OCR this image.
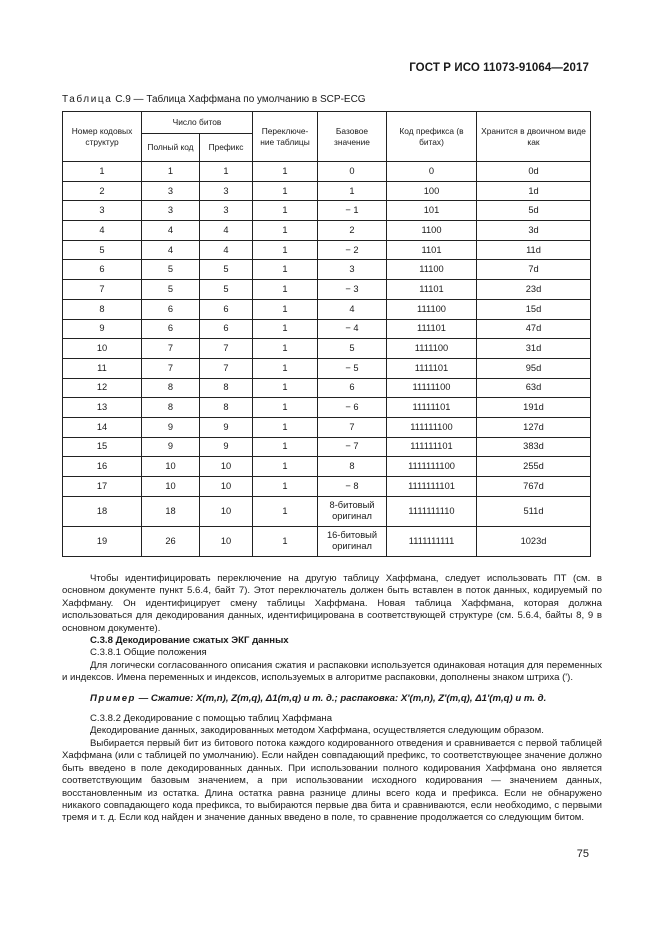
ГОСТ Р ИСО 11073-91064—2017
Таблица С.9 — Таблица Хаффмана по умолчанию в SCP-ECG
Номер кодовых структур	Число битов		Переключе-ние таблицы	Базовое значение	Код префикса (в битах)	Хранится в двоичном виде как
	Полный код	Префикс				
1	1	1	1	0	0	0d
2	3	3	1	1	100	1d
3	3	3	1	− 1	101	5d
4	4	4	1	2	1100	3d
5	4	4	1	− 2	1101	11d
6	5	5	1	3	11100	7d
7	5	5	1	− 3	11101	23d
8	6	6	1	4	111100	15d
9	6	6	1	− 4	111101	47d
10	7	7	1	5	1111100	31d
11	7	7	1	− 5	1111101	95d
12	8	8	1	6	11111100	63d
13	8	8	1	− 6	11111101	191d
14	9	9	1	7	111111100	127d
15	9	9	1	− 7	111111101	383d
16	10	10	1	8	1111111100	255d
17	10	10	1	− 8	1111111101	767d
18	18	10	1	8-битовый оригинал	1111111110	511d
19	26	10	1	16-битовый оригинал	1111111111	1023d

Чтобы идентифицировать переключение на другую таблицу Хаффмана, следует использовать ПТ (см. в основном документе пункт 5.6.4, байт 7). Этот переключатель должен быть вставлен в поток данных, кодируемый по Хаффману. Он идентифицирует смену таблицы Хаффмана. Новая таблица Хаффмана, которая должна использоваться для декодирования данных, идентифицирована в соответствующей структуре (см. 5.6.4, байты 8, 9 в основном документе).

С.3.8 Декодирование сжатых ЭКГ данных

С.3.8.1 Общие положения

Для логически согласованного описания сжатия и распаковки используется одинаковая нотация для переменных и индексов. Имена переменных и индексов, используемых в алгоритме распаковки, дополнены знаком штриха (').

Пример — Сжатие: X(m,n), Z(m,q), Δ1(m,q) и т. д.; распаковка: X'(m,n), Z'(m,q), Δ1'(m,q) и т. д.

С.3.8.2 Декодирование с помощью таблиц Хаффмана

Декодирование данных, закодированных методом Хаффмана, осуществляется следующим образом.

Выбирается первый бит из битового потока каждого кодированного отведения и сравнивается с первой таблицей Хаффмана (или с таблицей по умолчанию). Если найден совпадающий префикс, то соответствующее значение должно быть введено в поле декодированных данных. При использовании полного кодирования Хаффмана оно является соответствующим базовым значением, а при использовании исходного кодирования — значением данных, восстановленным из остатка. Длина остатка равна разнице длины всего кода и префикса. Если не обнаружено никакого совпадающего кода префикса, то выбираются первые два бита и сравниваются, если необходимо, с первыми тремя и т. д. Если код найден и значение данных введено в поле, то сравнение продолжается со следующим битом.

75
